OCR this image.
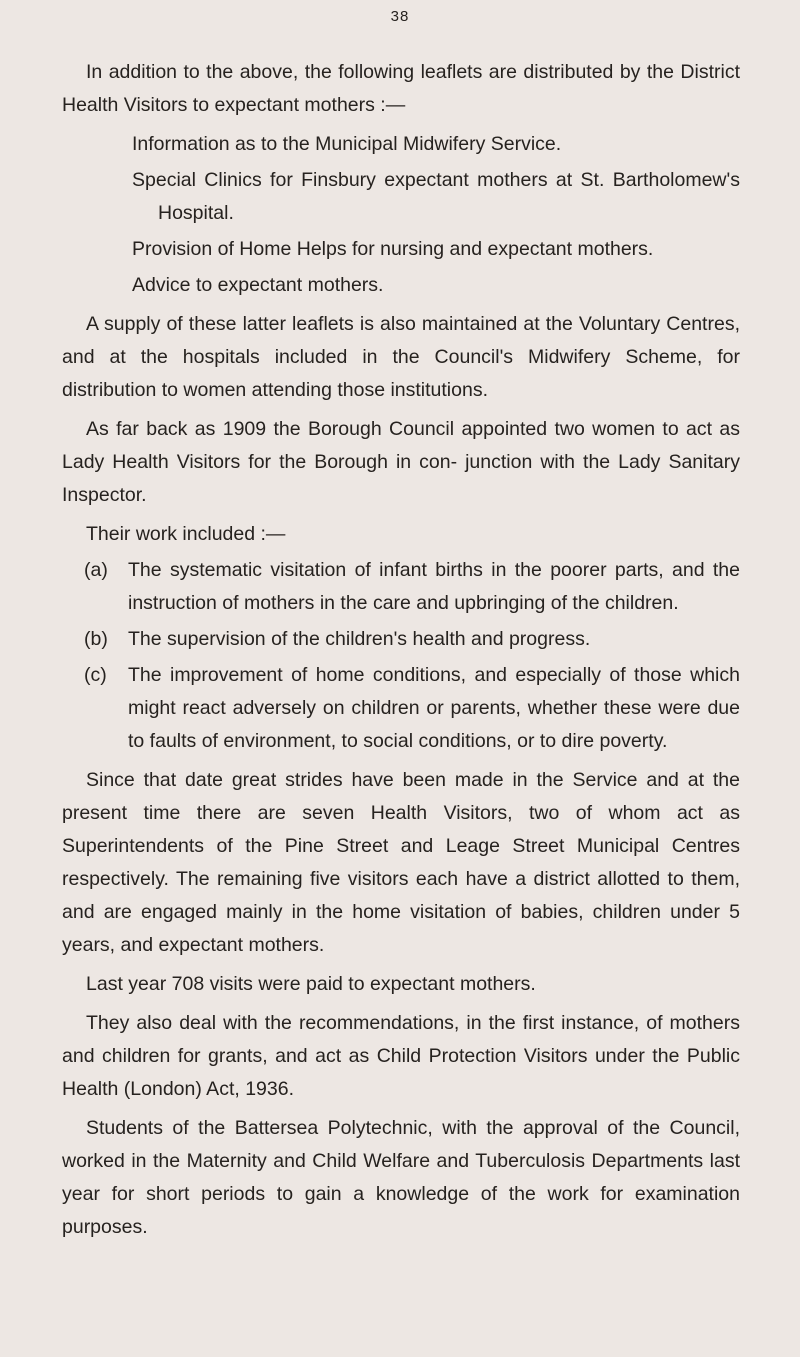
38

In addition to the above, the following leaflets are distributed by the District Health Visitors to expectant mothers :—

Information as to the Municipal Midwifery Service.

Special Clinics for Finsbury expectant mothers at St. Bartholomew's Hospital.

Provision of Home Helps for nursing and expectant mothers.

Advice to expectant mothers.

A supply of these latter leaflets is also maintained at the Voluntary Centres, and at the hospitals included in the Council's Midwifery Scheme, for distribution to women attending those institutions.

As far back as 1909 the Borough Council appointed two women to act as Lady Health Visitors for the Borough in con- junction with the Lady Sanitary Inspector.

Their work included :—

(a) The systematic visitation of infant births in the poorer parts, and the instruction of mothers in the care and upbringing of the children.
(b) The supervision of the children's health and progress.
(c) The improvement of home conditions, and especially of those which might react adversely on children or parents, whether these were due to faults of environment, to social conditions, or to dire poverty.

Since that date great strides have been made in the Service and at the present time there are seven Health Visitors, two of whom act as Superintendents of the Pine Street and Leage Street Municipal Centres respectively. The remaining five visitors each have a district allotted to them, and are engaged mainly in the home visitation of babies, children under 5 years, and expectant mothers.

Last year 708 visits were paid to expectant mothers.

They also deal with the recommendations, in the first instance, of mothers and children for grants, and act as Child Protection Visitors under the Public Health (London) Act, 1936.

Students of the Battersea Polytechnic, with the approval of the Council, worked in the Maternity and Child Welfare and Tuberculosis Departments last year for short periods to gain a knowledge of the work for examination purposes.
